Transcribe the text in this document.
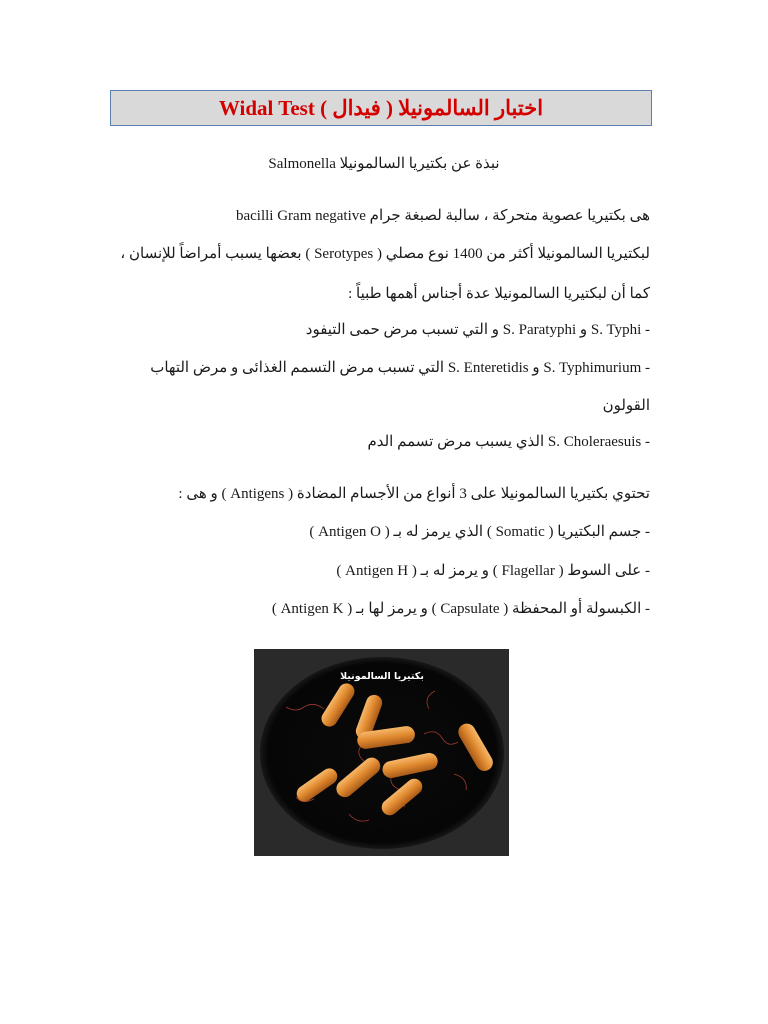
اختبار السالمونيلا ( فيدال ) Widal Test
نبذة عن بكتيريا السالمونيلا Salmonella
هى بكتيريا عصوية متحركة ، سالبة لصبغة جرام bacilli Gram negative
لبكتيريا السالمونيلا أكثر من 1400 نوع مصلي ( Serotypes ) بعضها يسبب أمراضاً للإنسان ،
كما أن لبكتيريا السالمونيلا عدة أجناس أهمها طبياً :
- S. Typhi و S. Paratyphi و التي تسبب مرض حمى التيفود
- S. Typhimurium و S. Enteretidis التي تسبب مرض التسمم الغذائى و مرض التهاب
القولون
- S. Choleraesuis الذي يسبب مرض تسمم الدم
تحتوي بكتيريا السالمونيلا على 3 أنواع من الأجسام المضادة ( Antigens ) و هى :
- جسم البكتيريا ( Somatic ) الذي يرمز له بـ ( Antigen O )
- على السوط ( Flagellar ) و يرمز له بـ ( Antigen H )
- الكبسولة أو المحفظة ( Capsulate ) و يرمز لها بـ ( Antigen K )
بكتيريا السالمونيلا
